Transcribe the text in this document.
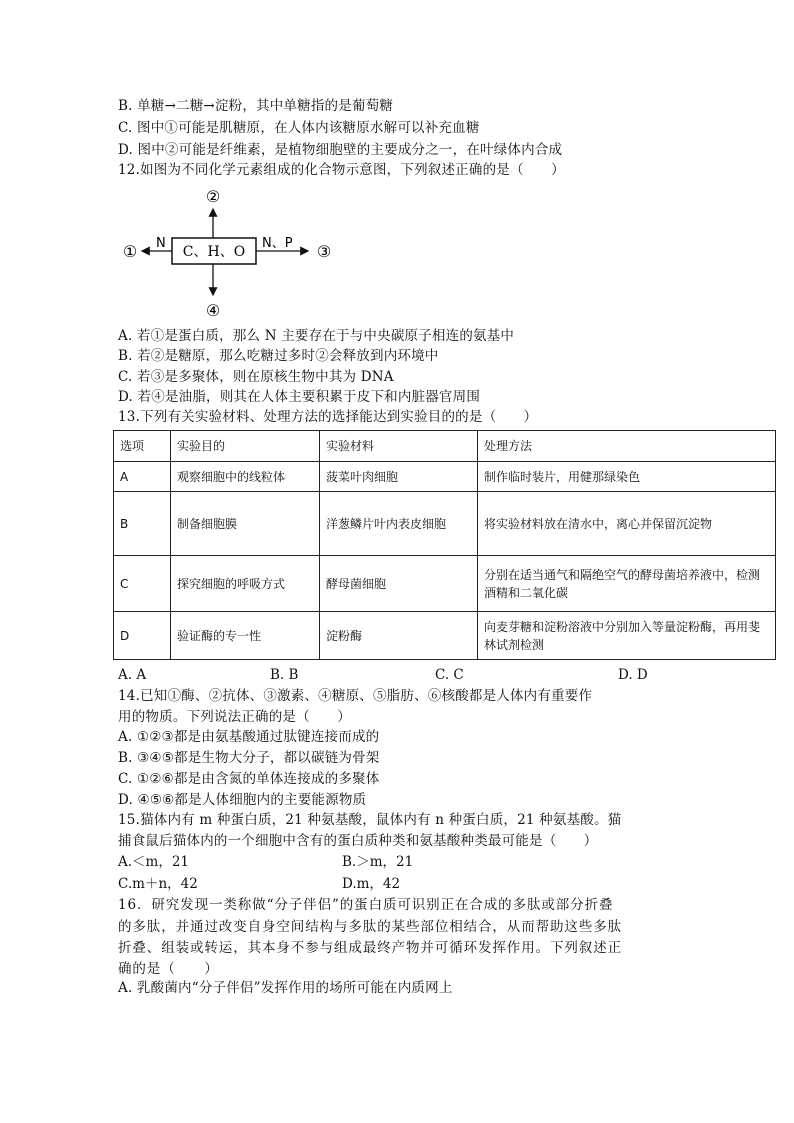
B. 单糖→二糖→淀粉，其中单糖指的是葡萄糖
C. 图中①可能是肌糖原，在人体内该糖原水解可以补充血糖
D. 图中②可能是纤维素，是植物细胞壁的主要成分之一，在叶绿体内合成
12.如图为不同化学元素组成的化合物示意图，下列叙述正确的是（　　）
C、H、O
N
①	N、P ③
②
④
A. 若①是蛋白质，那么 N 主要存在于与中央碳原子相连的氨基中
B. 若②是糖原，那么吃糖过多时②会释放到内环境中
C. 若③是多聚体，则在原核生物中其为 DNA
D. 若④是油脂，则其在人体主要积累于皮下和内脏器官周围
13.下列有关实验材料、处理方法的选择能达到实验目的的是（　　）
选项	实验目的	实验材料	处理方法
A	观察细胞中的线粒体	菠菜叶肉细胞	制作临时装片，用健那绿染色
B	制备细胞膜	洋葱鳞片叶内表皮细胞	将实验材料放在清水中，离心并保留沉淀物
C	探究细胞的呼吸方式	酵母菌细胞	分别在适当通气和隔绝空气的酵母菌培养液中，检测酒精和二氧化碳
D	验证酶的专一性	淀粉酶	向麦芽糖和淀粉溶液中分别加入等量淀粉酶，再用斐林试剂检测
A. A	B. B	C. C	D. D
14.已知①酶、②抗体、③激素、④糖原、⑤脂肪、⑥核酸都是人体内有重要作
用的物质。下列说法正确的是（　　）
A. ①②③都是由氨基酸通过肽键连接而成的
B. ③④⑤都是生物大分子，都以碳链为骨架
C. ①②⑥都是由含氮的单体连接成的多聚体
D. ④⑤⑥都是人体细胞内的主要能源物质
15.猫体内有 m 种蛋白质，21 种氨基酸，鼠体内有 n 种蛋白质，21 种氨基酸。猫
捕食鼠后猫体内的一个细胞中含有的蛋白质种类和氨基酸种类最可能是（　　）
A.＜m，21	B.＞m，21
C.m＋n，42	D.m，42
16．研究发现一类称做“分子伴侣”的蛋白质可识别正在合成的多肽或部分折叠
的多肽，并通过改变自身空间结构与多肽的某些部位相结合，从而帮助这些多肽
折叠、组装或转运，其本身不参与组成最终产物并可循环发挥作用。下列叙述正
确的是（　　）
A. 乳酸菌内“分子伴侣”发挥作用的场所可能在内质网上
